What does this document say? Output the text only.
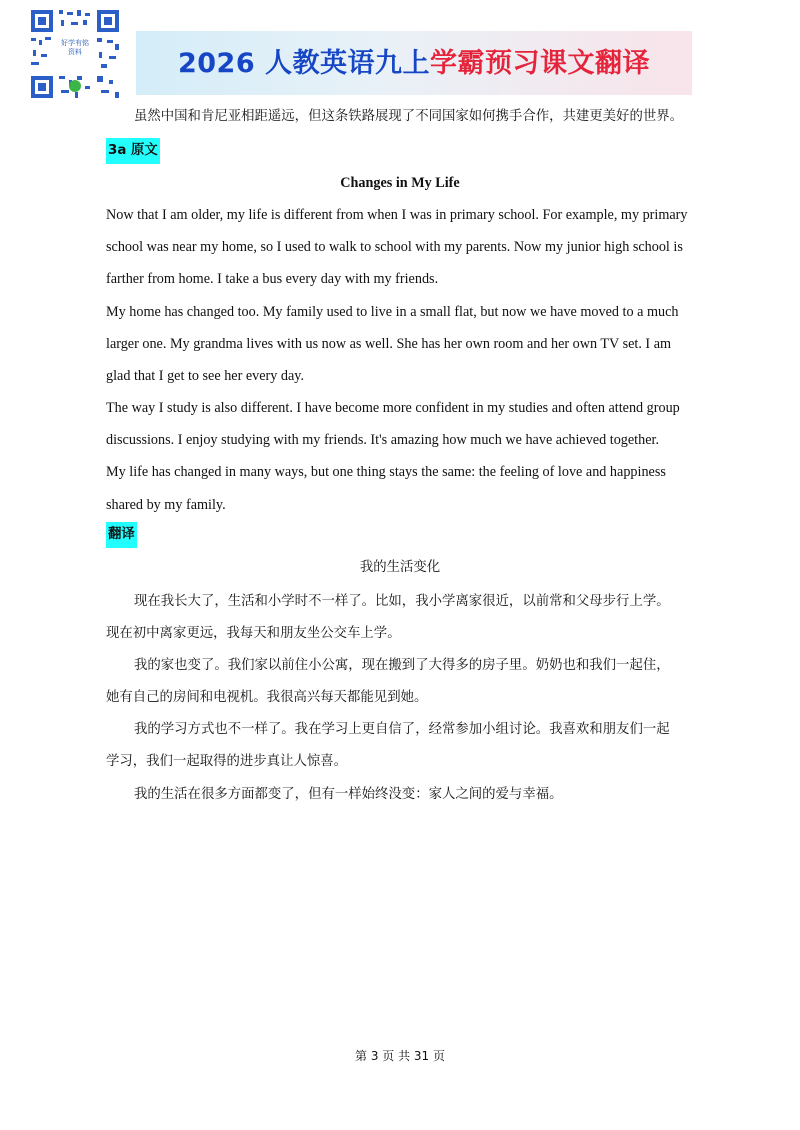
好学有铭 资料	2026 人教英语九上学霸预习课文翻译
虽然中国和肯尼亚相距遥远，但这条铁路展现了不同国家如何携手合作，共建更美好的世界。
3a 原文
Changes in My Life
Now that I am older, my life is different from when I was in primary school. For example, my primary
school was near my home, so I used to walk to school with my parents. Now my junior high school is
farther from home. I take a bus every day with my friends.
My home has changed too. My family used to live in a small flat, but now we have moved to a much
larger one. My grandma lives with us now as well. She has her own room and her own TV set. I am
glad that I get to see her every day.
The way I study is also different. I have become more confident in my studies and often attend group
discussions. I enjoy studying with my friends. It's amazing how much we have achieved together.
My life has changed in many ways, but one thing stays the same: the feeling of love and happiness
shared by my family.
翻译
我的生活变化
现在我长大了，生活和小学时不一样了。比如，我小学离家很近，以前常和父母步行上学。
现在初中离家更远，我每天和朋友坐公交车上学。
我的家也变了。我们家以前住小公寓，现在搬到了大得多的房子里。奶奶也和我们一起住，
她有自己的房间和电视机。我很高兴每天都能见到她。
我的学习方式也不一样了。我在学习上更自信了，经常参加小组讨论。我喜欢和朋友们一起
学习，我们一起取得的进步真让人惊喜。
我的生活在很多方面都变了，但有一样始终没变：家人之间的爱与幸福。
第 3 页 共 31 页
